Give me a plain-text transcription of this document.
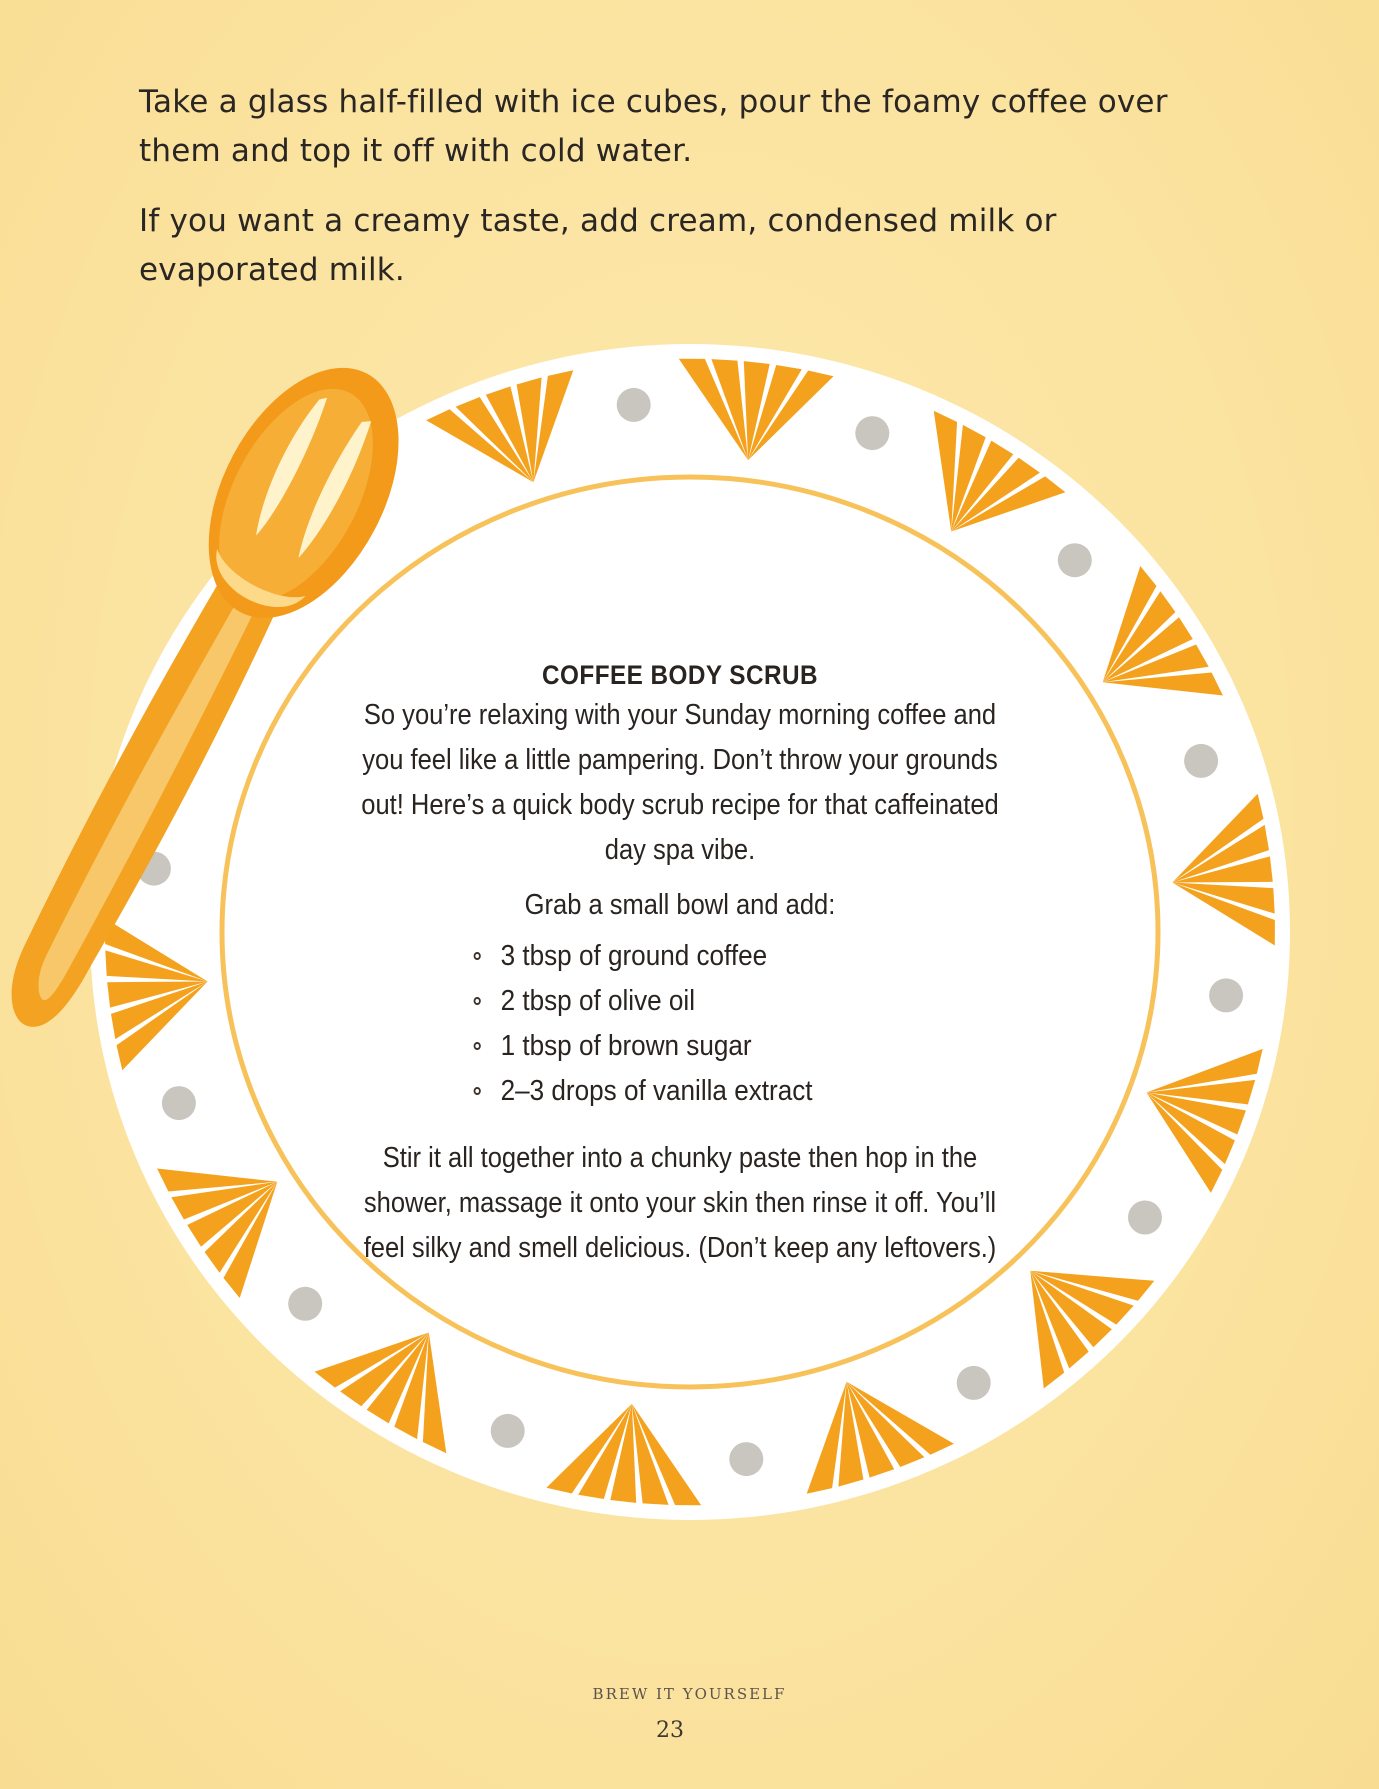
Take a glass half-filled with ice cubes, pour the foamy coffee over them and top it off with cold water.

If you want a creamy taste, add cream, condensed milk or evaporated milk.

COFFEE BODY SCRUB

So you’re relaxing with your Sunday morning coffee and you feel like a little pampering. Don’t throw your grounds out! Here’s a quick body scrub recipe for that caffeinated day spa vibe.

Grab a small bowl and add:

3 tbsp of ground coffee
2 tbsp of olive oil
1 tbsp of brown sugar
2–3 drops of vanilla extract

Stir it all together into a chunky paste then hop in the shower, massage it onto your skin then rinse it off. You’ll feel silky and smell delicious. (Don’t keep any leftovers.)

BREW IT YOURSELF
23
